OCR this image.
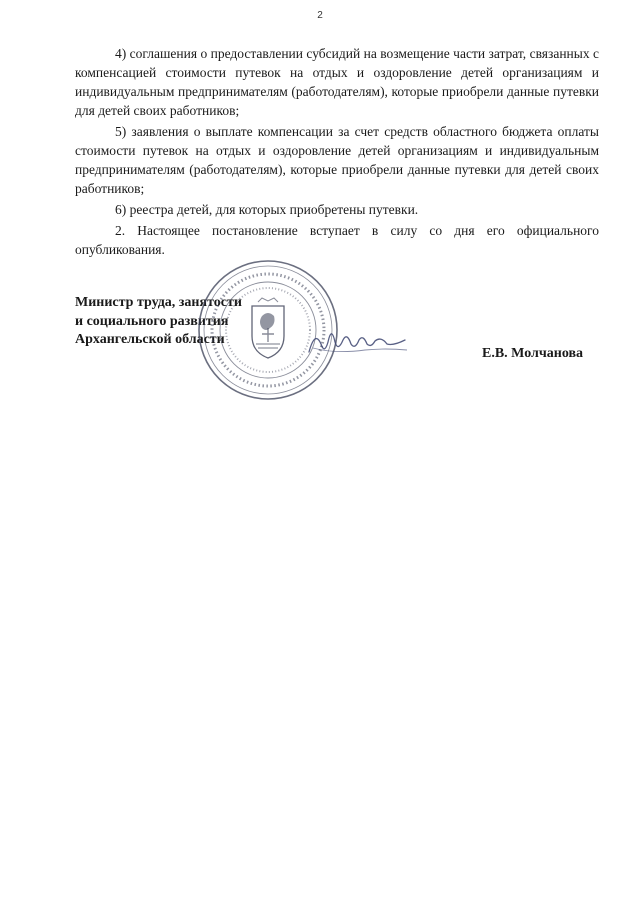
2

4) соглашения о предоставлении субсидий на возмещение части затрат, связанных с компенсацией стоимости путевок на отдых и оздоровление детей организациям и индивидуальным предпринимателям (работодателям), которые приобрели данные путевки для детей своих работников;

5) заявления о выплате компенсации за счет средств областного бюджета оплаты стоимости путевок на отдых и оздоровление детей организациям и индивидуальным предпринимателям (работодателям), которые приобрели данные путевки для детей своих работников;

6) реестра детей, для которых приобретены путевки.

2. Настоящее постановление вступает в силу со дня его официального опубликования.

Министр труда, занятости
и социального развития
Архангельской области
Е.В. Молчанова
